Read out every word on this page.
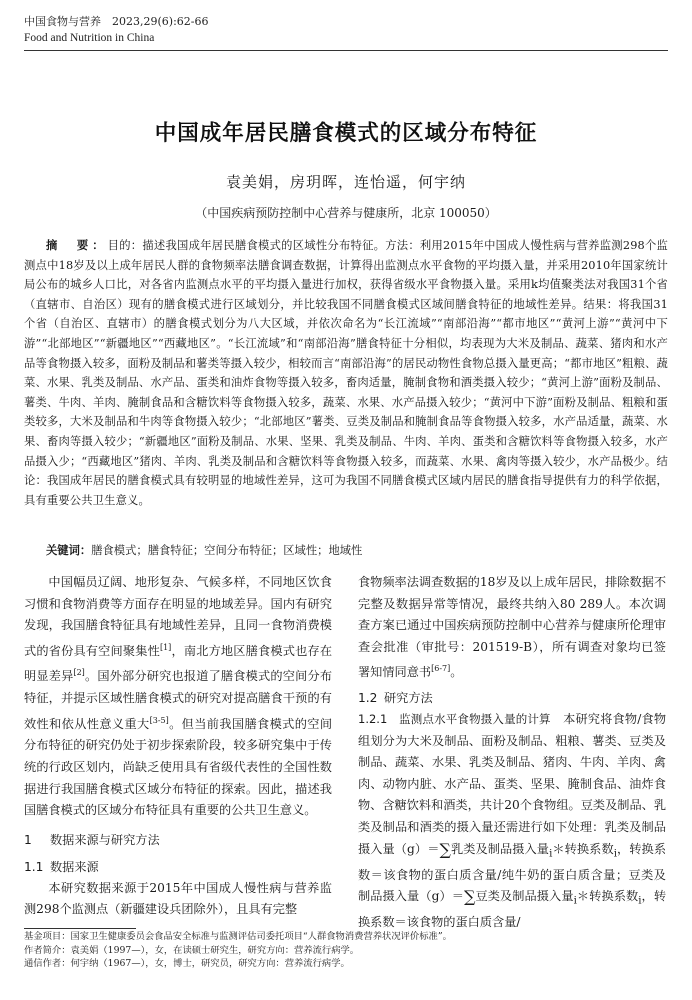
中国食物与营养　2023,29(6):62-66
Food and Nutrition in China
中国成年居民膳食模式的区域分布特征
袁美娟，房玥晖，连怡遥，何宇纳
（中国疾病预防控制中心营养与健康所，北京 100050）
摘　要：目的：描述我国成年居民膳食模式的区域性分布特征。方法：利用2015年中国成人慢性病与营养监测298个监测点中18岁及以上成年居民人群的食物频率法膳食调查数据，计算得出监测点水平食物的平均摄入量，并采用2010年国家统计局公布的城乡人口比，对各省内监测点水平的平均摄入量进行加权，获得省级水平食物摄入量。采用k均值聚类法对我国31个省（直辖市、自治区）现有的膳食模式进行区域划分，并比较我国不同膳食模式区域间膳食特征的地域性差异。结果：将我国31个省（自治区、直辖市）的膳食模式划分为八大区域，并依次命名为“长江流域”“南部沿海”“都市地区”“黄河上游”“黄河中下游”“北部地区”“新疆地区”“西藏地区”。“长江流域”和“南部沿海”膳食特征十分相似，均表现为大米及制品、蔬菜、猪肉和水产品等食物摄入较多，面粉及制品和薯类等摄入较少，相较而言“南部沿海”的居民动物性食物总摄入量更高；“都市地区”粗粮、蔬菜、水果、乳类及制品、水产品、蛋类和油炸食物等摄入较多，畜肉适量，腌制食物和酒类摄入较少；“黄河上游”面粉及制品、薯类、牛肉、羊肉、腌制食品和含糖饮料等食物摄入较多，蔬菜、水果、水产品摄入较少；“黄河中下游”面粉及制品、粗粮和蛋类较多，大米及制品和牛肉等食物摄入较少；“北部地区”薯类、豆类及制品和腌制食品等食物摄入较多，水产品适量，蔬菜、水果、畜肉等摄入较少；“新疆地区”面粉及制品、水果、坚果、乳类及制品、牛肉、羊肉、蛋类和含糖饮料等食物摄入较多，水产品摄入少；“西藏地区”猪肉、羊肉、乳类及制品和含糖饮料等食物摄入较多，而蔬菜、水果、禽肉等摄入较少，水产品极少。结论：我国成年居民的膳食模式具有较明显的地域性差异，这可为我国不同膳食模式区域内居民的膳食指导提供有力的科学依据，具有重要公共卫生意义。
关键词：膳食模式；膳食特征；空间分布特征；区域性；地域性

中国幅员辽阔、地形复杂、气候多样，不同地区饮食习惯和食物消费等方面存在明显的地域差异。国内有研究发现，我国膳食特征具有地域性差异，且同一食物消费模式的省份具有空间聚集性[1]，南北方地区膳食模式也存在明显差异[2]。国外部分研究也报道了膳食模式的空间分布特征，并提示区域性膳食模式的研究对提高膳食干预的有效性和依从性意义重大[3-5]。但当前我国膳食模式的空间分布特征的研究仍处于初步探索阶段，较多研究集中于传统的行政区划内，尚缺乏使用具有省级代表性的全国性数据进行我国膳食模式区域分布特征的探索。因此，描述我国膳食模式的区域分布特征具有重要的公共卫生意义。

1 数据来源与研究方法
1.1 数据来源

本研究数据来源于2015年中国成人慢性病与营养监测298个监测点（新疆建设兵团除外），且具有完整

食物频率法调查数据的18岁及以上成年居民，排除数据不完整及数据异常等情况，最终共纳入80 289人。本次调查方案已通过中国疾病预防控制中心营养与健康所伦理审查会批准（审批号：201519-B），所有调查对象均已签署知情同意书[6-7]。

1.2 研究方法

1.2.1　 监测点水平食物摄入量的计算　 本研究将食物/食物组划分为大米及制品、面粉及制品、粗粮、薯类、豆类及制品、蔬菜、水果、乳类及制品、猪肉、牛肉、羊肉、禽肉、动物内脏、水产品、蛋类、坚果、腌制食品、油炸食物、含糖饮料和酒类，共计20个食物组。豆类及制品、乳类及制品和酒类的摄入量还需进行如下处理：乳类及制品摄入量（g）＝∑乳类及制品摄入量$_i$＊转换系数$_i$，转换系数＝该食物的蛋白质含量/纯牛奶的蛋白质含量；豆类及制品摄入量（g）＝∑豆类及制品摄入量$_i$＊转换系数$_i$，转换系数＝该食物的蛋白质含量/

基金项目：国家卫生健康委员会食品安全标准与监测评估司委托项目“人群食物消费营养状况评价标准”。
作者简介：袁美娟（1997—），女，在读硕士研究生，研究方向：营养流行病学。
通信作者：何宇纳（1967—），女，博士，研究员，研究方向：营养流行病学。
